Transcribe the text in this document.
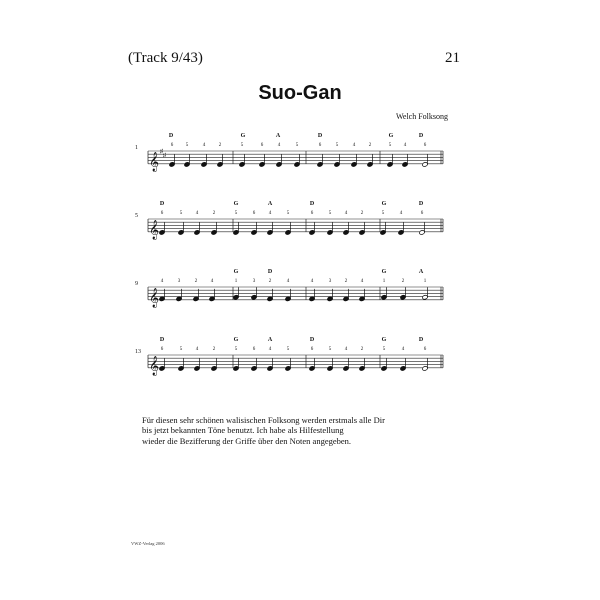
(Track 9/43)	21
Suo-Gan
Welch Folksong
𝄞 ♯
♯
1
D	G	A	D	G	D
6	5	4	2	5	6	4	5	6	5	4	2	5	4	6
𝄞
5
D	G	A	D	G	D
6	5	4	2	5	6	4	5	6	5	4	2	5	4	6
𝄞
9
G	D	G	A
4	3	2	4	1	3	2	4	4	3	2	4	1	2	1
𝄞
13
D	G	A	D	G	D
6	5	4	2	5	6	4	5	6	5	4	2	5	4	6
Für diesen sehr schönen walisischen Folksong werden erstmals alle Dir
bis jetzt bekannten Töne benutzt. Ich habe als Hilfestellung
wieder die Bezifferung der Griffe über den Noten angegeben.
VWZ-Verlag 2006
